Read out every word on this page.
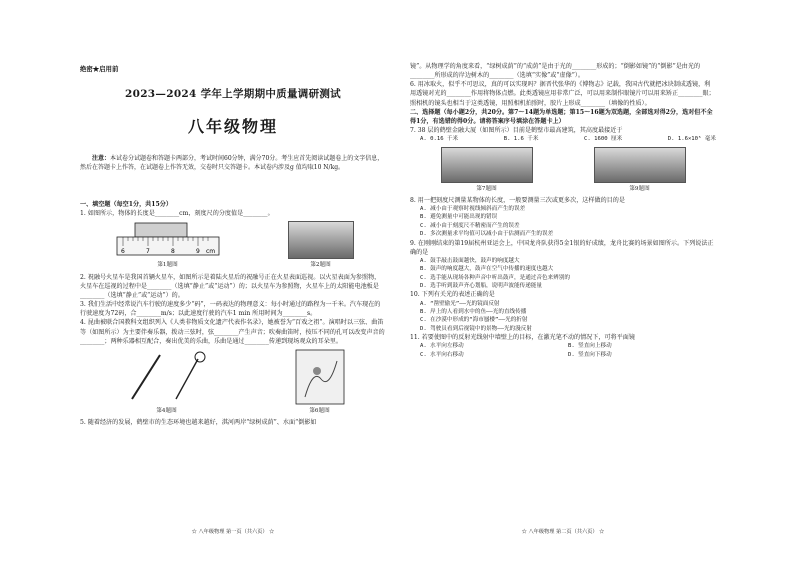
绝密★启用前
2023—2024 学年上学期期中质量调研测试
八年级物理
注意：本试卷分试题卷和答题卡两部分，考试时间60分钟，满分70分。考生应首先阅读试题卷上的文字信息，然后在答题卡上作答，在试题卷上作答无效，交卷时只交答题卡。本试卷内涉及g 值均取10 N/kg。

一、填空题（每空1分，共15分）

1. 如图所示，物体的长度是________cm，刻度尺的分度值是________。

6	7	8	9 cm
第1题图	第2题图

2. 祝融号火星车是我国首辆火星车，如图所示是着陆火星后的祝融号正在火星表面巡视。以火星表面为参照物，火星车在巡视的过程中是________（选填“静止”或“运动”）的；以火星车为参照物，火星车上的太阳能电池板是________（选填“静止”或“运动”）的。

3. 我们生活中经常说汽车行驶的速度多少“码”，一码表达的物理意义：每小时通过的路程为一千米。汽车现在的行驶速度为72码，合________m/s；以此速度行驶的汽车1 min 所用时间为________s。

4. 昆曲被联合国教科文组织列入《人类非物质文化遗产代表作名录》，她被誉为“百戏之祖”。演唱时以三弦、曲笛等（如图所示）为主要伴奏乐器，拨动三弦时，弦________产生声音；吹奏曲笛时，按压不同的孔可以改变声音的________；两种乐器相互配合，奏出优美的乐曲，乐曲是通过________传递到现场观众的耳朵里。

第4题图	第6题图

5. 随着经济的发展，鹤壁市的生态环境也越来越好，淇河两岸“绿树成荫”、水面“倒影如

☆ 八年级物理 第一页（共六页） ☆

镜”。从物理学的角度来看，“绿树成荫”的“成荫”是由于光的________形成的；“倒影如镜”的“倒影”是由光的________所形成的岸边树木的________（选填“实像”或“虚像”）。

6. 用冰取火，似乎不可思议，真的可以实现吗？据晋代张华的《博物志》记载，我国古代就把冰块制成透镜，利用透镜对光的________作用将物体点燃。此类透镜应用非常广泛，可以用来制作眼镜片可以用来矫正________眼；照相机的镜头也相当于这类透镜，用照相机拍照时，胶片上形成________（填像的性质）。

二、选择题（每小题2分，共20分。第7～14题为单选题；第15～16题为双选题，全部选对得2分，选对但不全得1分，有选错的得0分。请将答案序号填涂在答题卡上）

7. 38 层的鹤壁金融大厦（如图所示）目前是鹤壁市最高建筑，其高度最接近于

A. 0.16 千米	B. 1.6 千米	C. 1600 厘米	D. 1.6×10⁵ 毫米
第7题图	第9题图

8. 用一把刻度尺测量某物体的长度，一般要测量三次或更多次，这样做的目的是

A. 减小由于观察时视线倾斜而产生的误差

B. 避免测量中可能出现的错误

C. 减小由于刻度尺不精密而产生的误差

D. 多次测量求平均值可以减小由于估测而产生的误差

9. 在刚刚结束的第19届杭州亚运会上，中国龙舟队获得5金1银的好成绩，龙舟比赛的场景如图所示。下列说法正确的是

A. 鼓手敲击鼓面越快，鼓声的响度越大

B. 鼓声的响度越大，鼓声在空气中传播的速度也越大

C. 选手能从现场各种声音中听出鼓声，是通过音色来辨别的

D. 选手听到鼓声齐心划船，说明声波能传递能量

10. 下列有关光的表述正确的是

A. “凿壁偷光”——光的镜面反射

B. 岸上的人看到水中的鱼——光的直线传播

C. 在沙漠中形成的“海市蜃楼”——光的折射

D. 驾驶员看到后视镜中的景物——光的漫反射

11. 若要使图中的反射光线射中墙壁上的目标，在激光笔不动的情况下，可将平面镜

A. 水平向左移动	B. 竖直向上移动
C. 水平向右移动	D. 竖直向下移动
☆ 八年级物理 第二页（共六页） ☆
